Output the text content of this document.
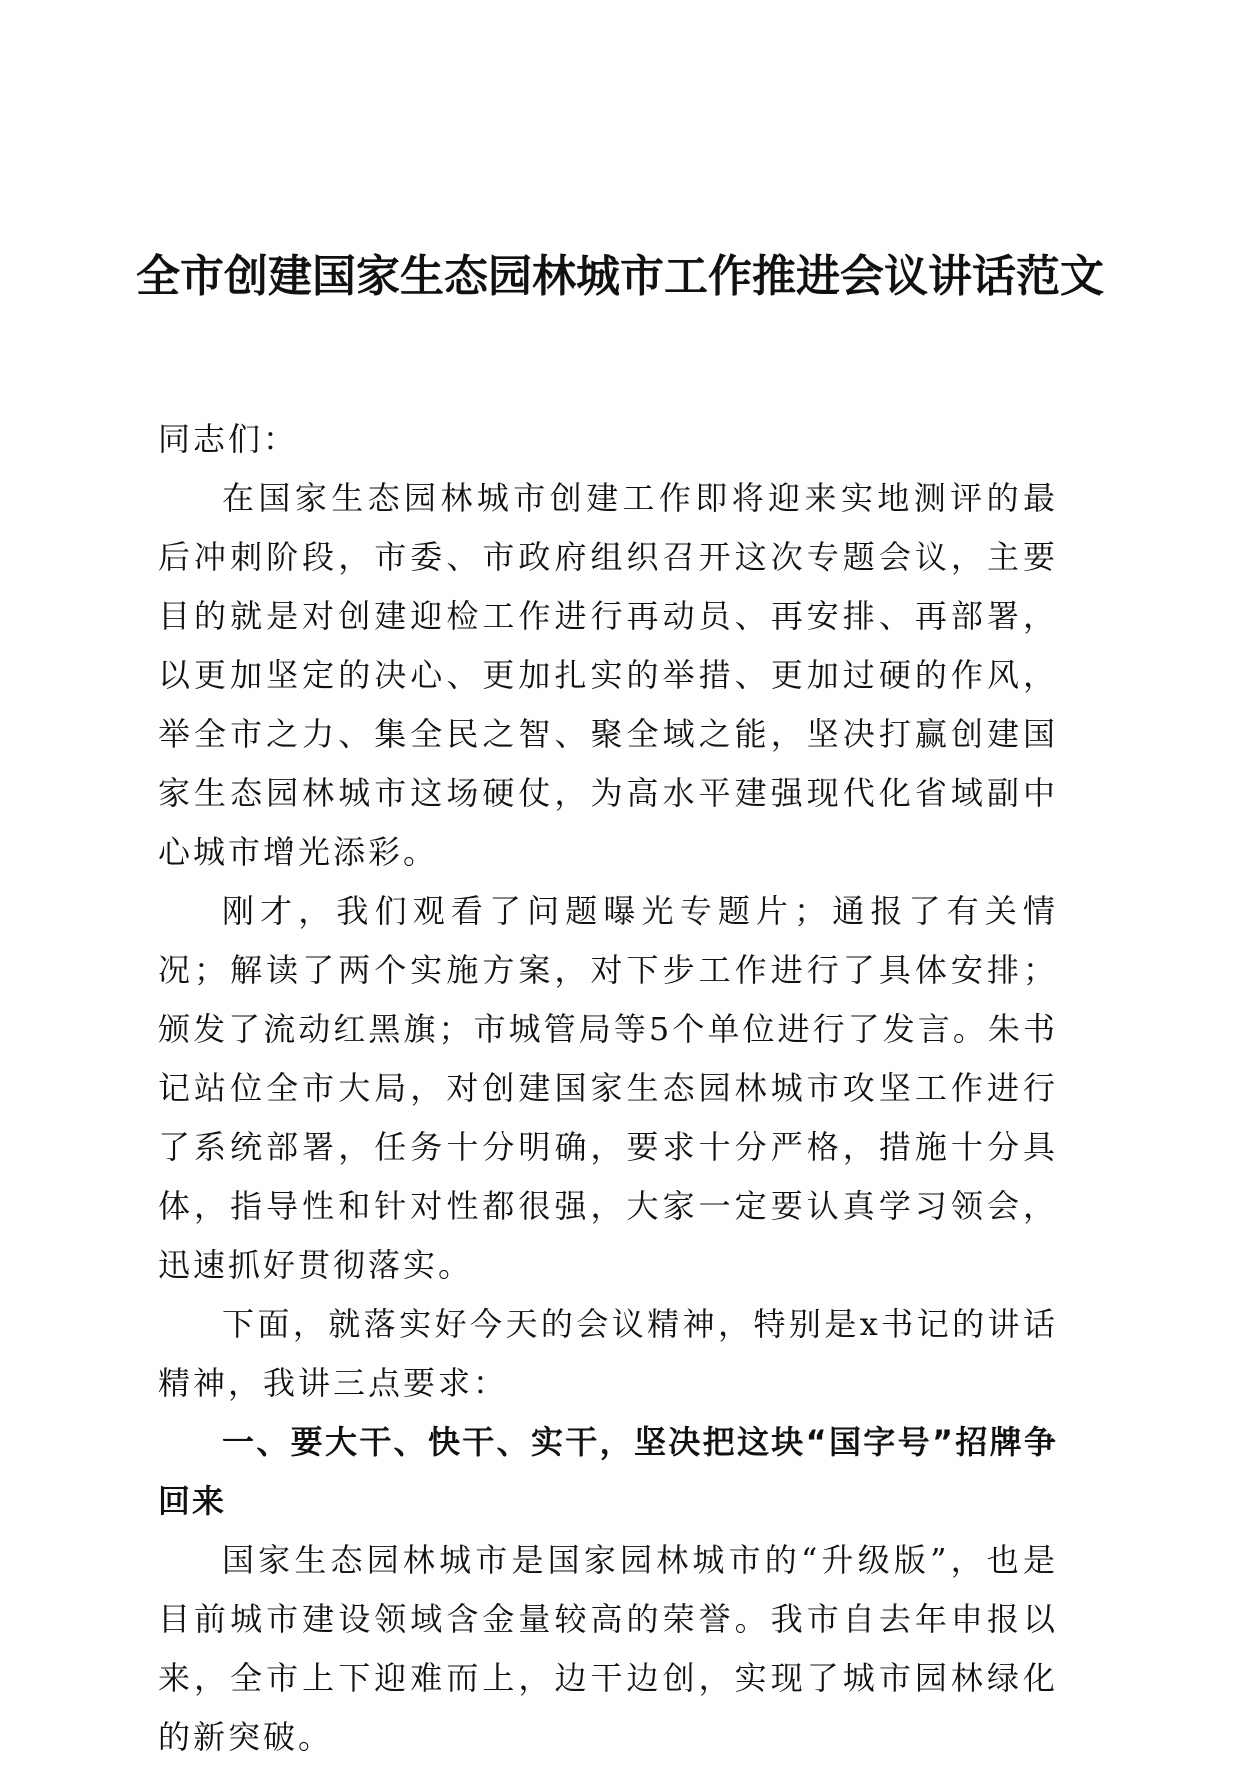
全市创建国家生态园林城市工作推进会议讲话范文

同志们：

在国家生态园林城市创建工作即将迎来实地测评的最后冲刺阶段，市委、市政府组织召开这次专题会议，主要目的就是对创建迎检工作进行再动员、再安排、再部署，以更加坚定的决心、更加扎实的举措、更加过硬的作风，举全市之力、集全民之智、聚全域之能，坚决打赢创建国家生态园林城市这场硬仗，为高水平建强现代化省域副中心城市增光添彩。

刚才，我们观看了问题曝光专题片；通报了有关情况；解读了两个实施方案，对下步工作进行了具体安排；颁发了流动红黑旗；市城管局等5个单位进行了发言。朱书记站位全市大局，对创建国家生态园林城市攻坚工作进行了系统部署，任务十分明确，要求十分严格，措施十分具体，指导性和针对性都很强，大家一定要认真学习领会，迅速抓好贯彻落实。

下面，就落实好今天的会议精神，特别是x书记的讲话精神，我讲三点要求：

一、要大干、快干、实干，坚决把这块“国字号”招牌争回来

国家生态园林城市是国家园林城市的“升级版”，也是目前城市建设领域含金量较高的荣誉。我市自去年申报以来，全市上下迎难而上，边干边创，实现了城市园林绿化的新突破。
